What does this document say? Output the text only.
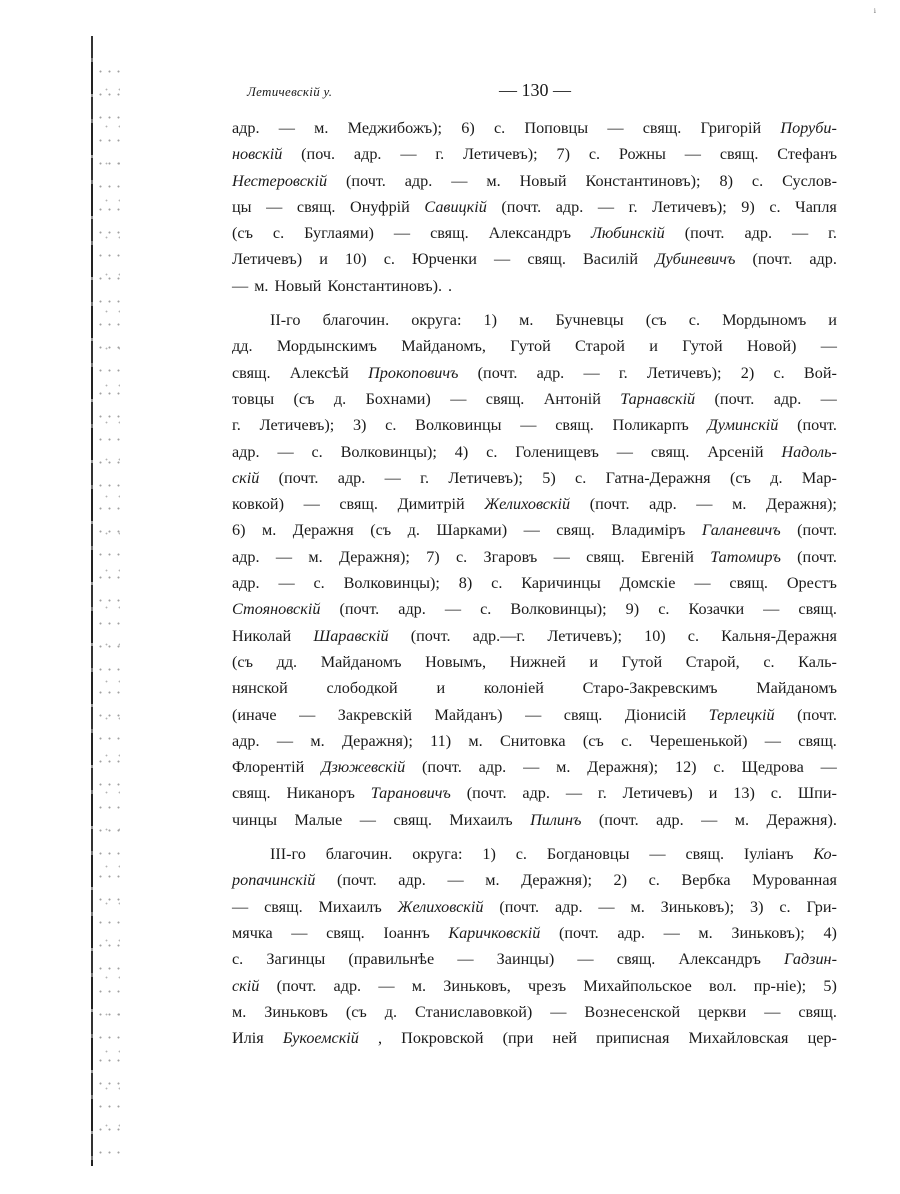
ⁱ
Летичевскій у.	— 130 —
адр. — м. Меджибожъ); 6) с. Поповцы — свящ. Григорій Поруби-
новскій (поч. адр. — г. Летичевъ); 7) с. Рожны — свящ. Стефанъ
Нестеровскій (почт. адр. — м. Новый Константиновъ); 8) с. Суслов-
цы — свящ. Онуфрій Савицкій (почт. адр. — г. Летичевъ); 9) с. Чапля
(съ с. Буглаями) — свящ. Александръ Любинскій (почт. адр. — г.
Летичевъ) и 10) с. Юрченки — свящ. Василій Дубиневичъ (почт. адр.
— м. Новый Константиновъ). .
II-го благочин. округа: 1) м. Бучневцы (съ с. Мордыномъ и
дд. Мордынскимъ Майданомъ, Гутой Старой и Гутой Новой) —
свящ. Алексѣй Прокоповичъ (почт. адр. — г. Летичевъ); 2) с. Вой-
товцы (съ д. Бохнами) — свящ. Антоній Тарнавскій (почт. адр. —
г. Летичевъ); 3) с. Волковинцы — свящ. Поликарпъ Думинскій (почт.
адр. — с. Волковинцы); 4) с. Голенищевъ — свящ. Арсеній Надоль-
скій (почт. адр. — г. Летичевъ); 5) с. Гатна-Деражня (съ д. Мар-
ковкой) — свящ. Димитрій Желиховскій (почт. адр. — м. Деражня);
6) м. Деражня (съ д. Шарками) — свящ. Владиміръ Галаневичъ (почт.
адр. — м. Деражня); 7) с. Згаровъ — свящ. Евгеній Татомиръ (почт.
адр. — с. Волковинцы); 8) с. Каричинцы Домскіе — свящ. Орестъ
Стояновскій (почт. адр. — с. Волковинцы); 9) с. Козачки — свящ.
Николай Шаравскій (почт. адр.—г. Летичевъ); 10) с. Кальня-Деражня
(съ дд. Майданомъ Новымъ, Нижней и Гутой Старой, с. Каль-
нянской слободкой и колоніей Старо-Закревскимъ Майданомъ
(иначе — Закревскій Майданъ) — свящ. Діонисій Терлецкій (почт.
адр. — м. Деражня); 11) м. Снитовка (съ с. Черешенькой) — свящ.
Флорентій Дзюжевскій (почт. адр. — м. Деражня); 12) с. Щедрова —
свящ. Никаноръ Тарановичъ (почт. адр. — г. Летичевъ) и 13) с. Шпи-
чинцы Малые — свящ. Михаилъ Пилинъ (почт. адр. — м. Деражня).
III-го благочин. округа: 1) с. Богдановцы — свящ. Іуліанъ Ко-
ропачинскій (почт. адр. — м. Деражня); 2) с. Вербка Мурованная
— свящ. Михаилъ Желиховскій (почт. адр. — м. Зиньковъ); 3) с. Гри-
мячка — свящ. Іоаннъ Каричковскій (почт. адр. — м. Зиньковъ); 4)
с. Загинцы (правильнѣе — Заинцы) — свящ. Александръ Гадзин-
скій (почт. адр. — м. Зиньковъ, чрезъ Михайпольское вол. пр-ніе); 5)
м. Зиньковъ (съ д. Станиславовкой) — Вознесенской церкви — свящ.
Илія Букоемскій , Покровской (при ней приписная Михайловская цер-
